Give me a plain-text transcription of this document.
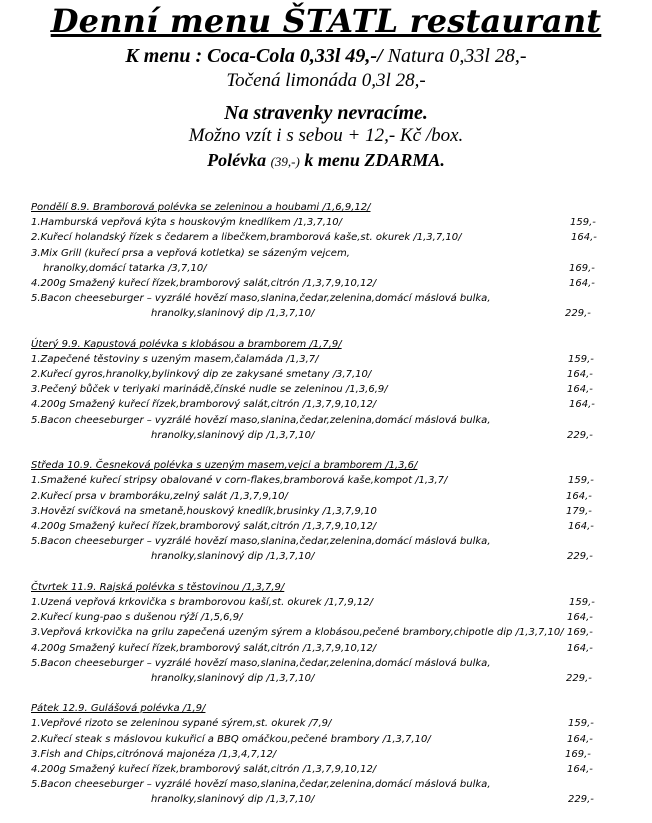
Denní menu ŠTATL restaurant
K menu : Coca-Cola 0,33l 49,-/ Natura 0,33l 28,-
Točená limonáda 0,3l 28,-
Na stravenky nevracíme.
Možno vzít i s sebou + 12,- Kč /box.
Polévka (39,-) k menu ZDARMA.
Pondělí 8.9. Bramborová polévka se zeleninou a houbami /1,6,9,12/
1.Hamburská vepřová kýta s houskovým knedlíkem /1,3,7,10/	159,-
2.Kuřecí holandský řízek s čedarem a libečkem,bramborová kaše,st. okurek /1,3,7,10/	164,-
3.Mix Grill (kuřecí prsa a vepřová kotletka) se sázeným vejcem,
hranolky,domácí tatarka /3,7,10/	169,-
4.200g Smažený kuřecí řízek,bramborový salát,citrón /1,3,7,9,10,12/	164,-
5.Bacon cheeseburger – vyzrálé hovězí maso,slanina,čedar,zelenina,domácí máslová bulka,
hranolky,slaninový dip /1,3,7,10/	229,-
Úterý 9.9. Kapustová polévka s klobásou a bramborem /1,7,9/
1.Zapečené těstoviny s uzeným masem,čalamáda /1,3,7/	159,-
2.Kuřecí gyros,hranolky,bylinkový dip ze zakysané smetany /3,7,10/	164,-
3.Pečený bůček v teriyaki marinádě,čínské nudle se zeleninou /1,3,6,9/	164,-
4.200g Smažený kuřecí řízek,bramborový salát,citrón /1,3,7,9,10,12/	164,-
5.Bacon cheeseburger – vyzrálé hovězí maso,slanina,čedar,zelenina,domácí máslová bulka,
hranolky,slaninový dip /1,3,7,10/	229,-
Středa 10.9. Česneková polévka s uzeným masem,vejci a bramborem /1,3,6/
1.Smažené kuřecí stripsy obalované v corn-flakes,bramborová kaše,kompot /1,3,7/	159,-
2.Kuřecí prsa v bramboráku,zelný salát /1,3,7,9,10/	164,-
3.Hovězí svíčková na smetaně,houskový knedlík,brusinky /1,3,7,9,10	179,-
4.200g Smažený kuřecí řízek,bramborový salát,citrón /1,3,7,9,10,12/	164,-
5.Bacon cheeseburger – vyzrálé hovězí maso,slanina,čedar,zelenina,domácí máslová bulka,
hranolky,slaninový dip /1,3,7,10/	229,-
Čtvrtek 11.9. Rajská polévka s těstovinou /1,3,7,9/
1.Uzená vepřová krkovička s bramborovou kaší,st. okurek /1,7,9,12/	159,-
2.Kuřecí kung-pao s dušenou rýží /1,5,6,9/	164,-
3.Vepřová krkovička na grilu zapečená uzeným sýrem a klobásou,pečené brambory,chipotle dip /1,3,7,10/ 169,-
4.200g Smažený kuřecí řízek,bramborový salát,citrón /1,3,7,9,10,12/	164,-
5.Bacon cheeseburger – vyzrálé hovězí maso,slanina,čedar,zelenina,domácí máslová bulka,
hranolky,slaninový dip /1,3,7,10/	229,-
Pátek 12.9. Gulášová polévka /1,9/
1.Vepřové rizoto se zeleninou sypané sýrem,st. okurek /7,9/	159,-
2.Kuřecí steak s máslovou kukuřicí a BBQ omáčkou,pečené brambory /1,3,7,10/	164,-
3.Fish and Chips,citrónová majonéza /1,3,4,7,12/	169,-
4.200g Smažený kuřecí řízek,bramborový salát,citrón /1,3,7,9,10,12/	164,-
5.Bacon cheeseburger – vyzrálé hovězí maso,slanina,čedar,zelenina,domácí máslová bulka,
hranolky,slaninový dip /1,3,7,10/	229,-
